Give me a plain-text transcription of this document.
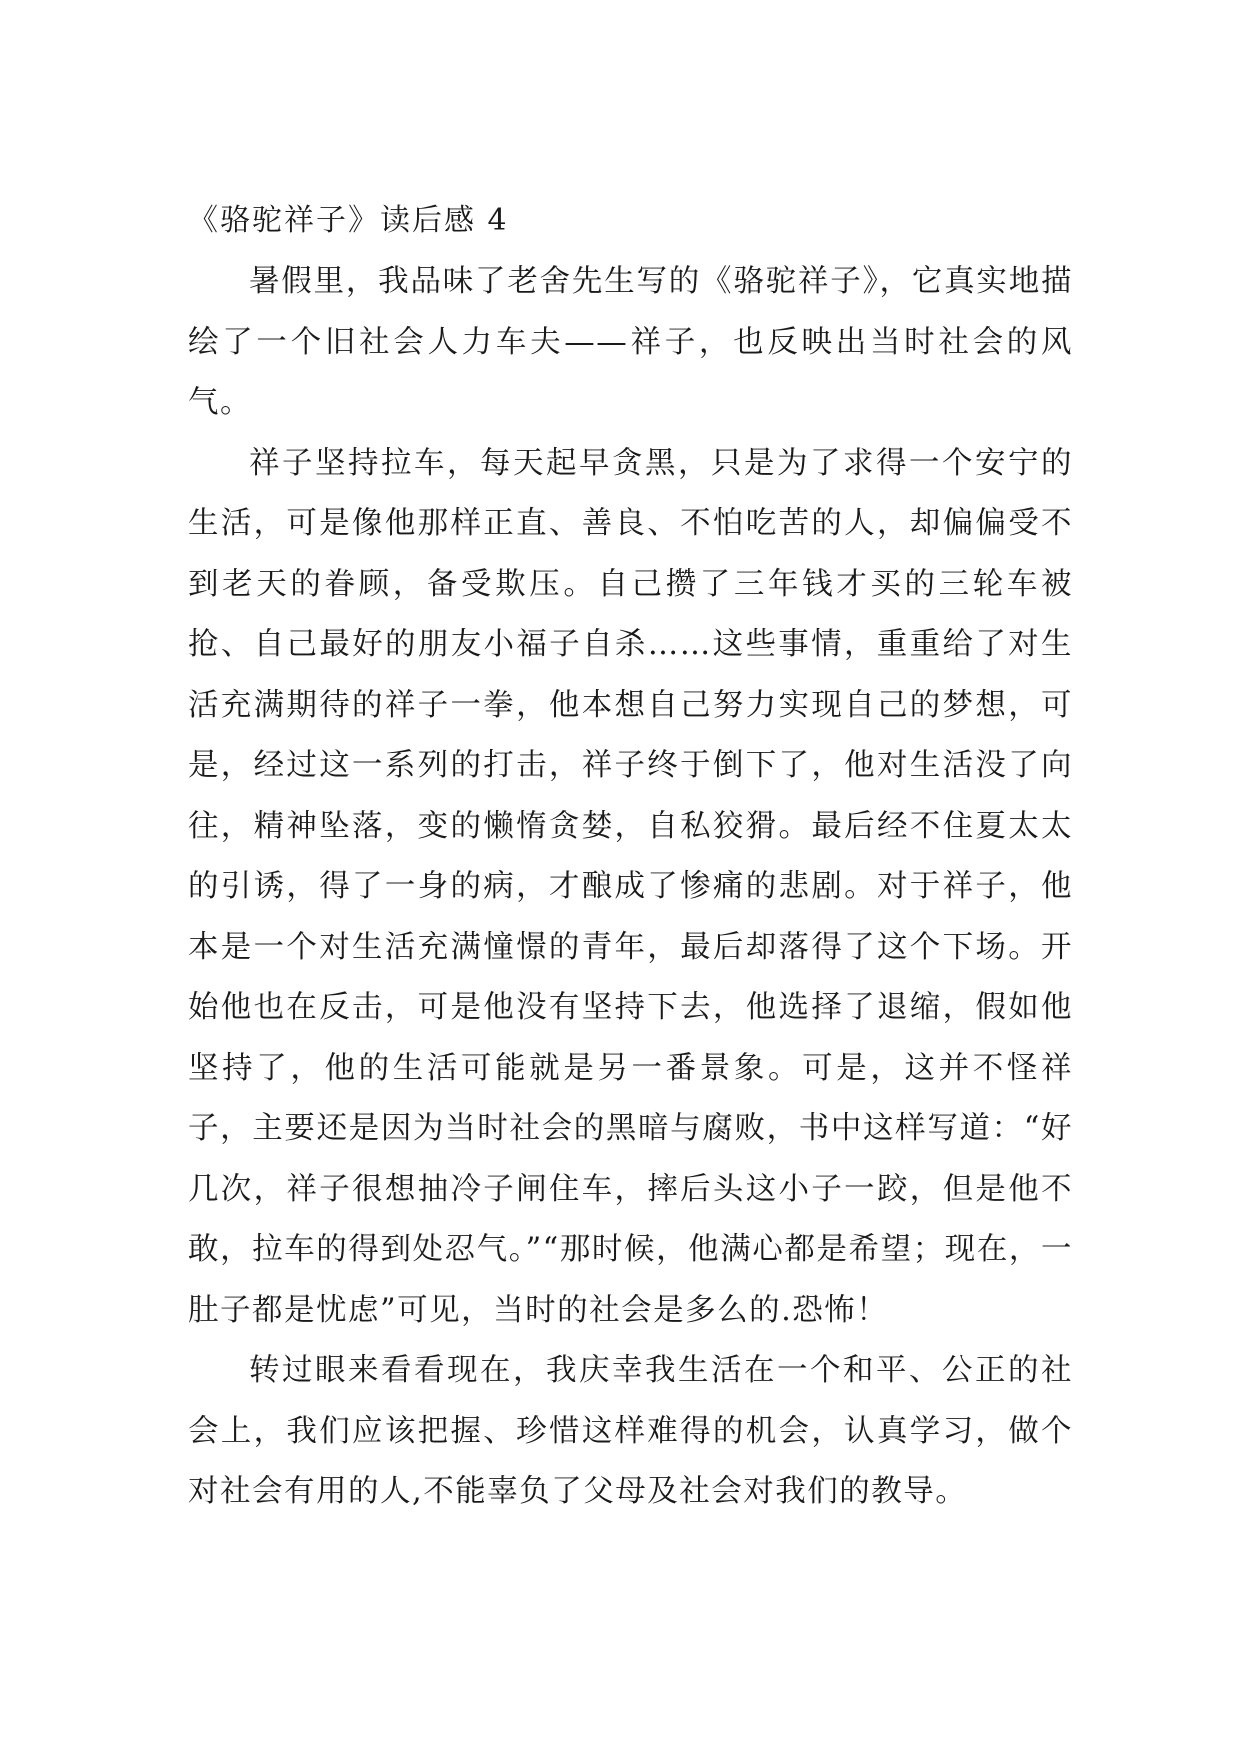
《骆驼祥子》读后感 4

暑假里，我品味了老舍先生写的《骆驼祥子》，它真实地描绘了一个旧社会人力车夫——祥子，也反映出当时社会的风气。

祥子坚持拉车，每天起早贪黑，只是为了求得一个安宁的生活，可是像他那样正直、善良、不怕吃苦的人，却偏偏受不到老天的眷顾，备受欺压。自己攒了三年钱才买的三轮车被抢、自己最好的朋友小福子自杀……这些事情，重重给了对生活充满期待的祥子一拳，他本想自己努力实现自己的梦想，可是，经过这一系列的打击，祥子终于倒下了，他对生活没了向往，精神坠落，变的懒惰贪婪，自私狡猾。最后经不住夏太太的引诱，得了一身的病，才酿成了惨痛的悲剧。对于祥子，他本是一个对生活充满憧憬的青年，最后却落得了这个下场。开始他也在反击，可是他没有坚持下去，他选择了退缩，假如他坚持了，他的生活可能就是另一番景象。可是，这并不怪祥子，主要还是因为当时社会的黑暗与腐败，书中这样写道：“好几次，祥子很想抽冷子闸住车，摔后头这小子一跤，但是他不敢，拉车的得到处忍气。”“那时候，他满心都是希望；现在，一肚子都是忧虑”可见，当时的社会是多么的.恐怖！

转过眼来看看现在，我庆幸我生活在一个和平、公正的社会上，我们应该把握、珍惜这样难得的机会，认真学习，做个对社会有用的人,不能辜负了父母及社会对我们的教导。
